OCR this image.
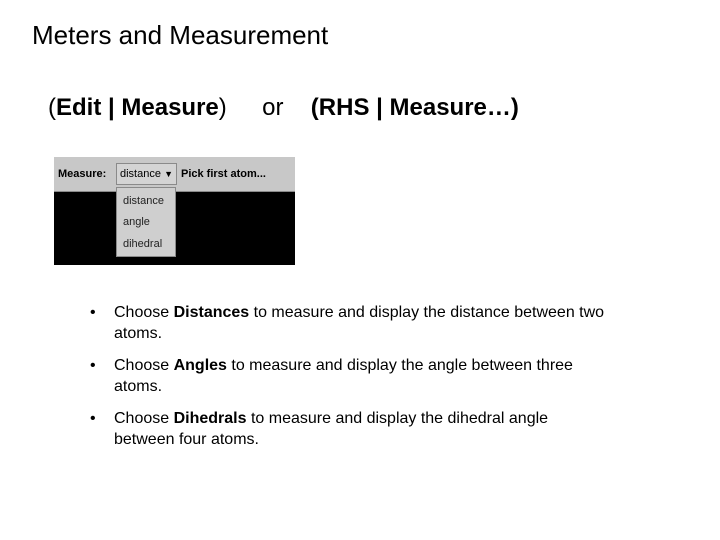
Meters and Measurement
(Edit | Measure) or (RHS | Measure…)
Measure:	distance ▼ Pick first atom...
distance
angle
dihedral
• Choose Distances to measure and display the distance between two atoms.
• Choose Angles to measure and display the angle between three atoms.
• Choose Dihedrals to measure and display the dihedral angle between four atoms.
